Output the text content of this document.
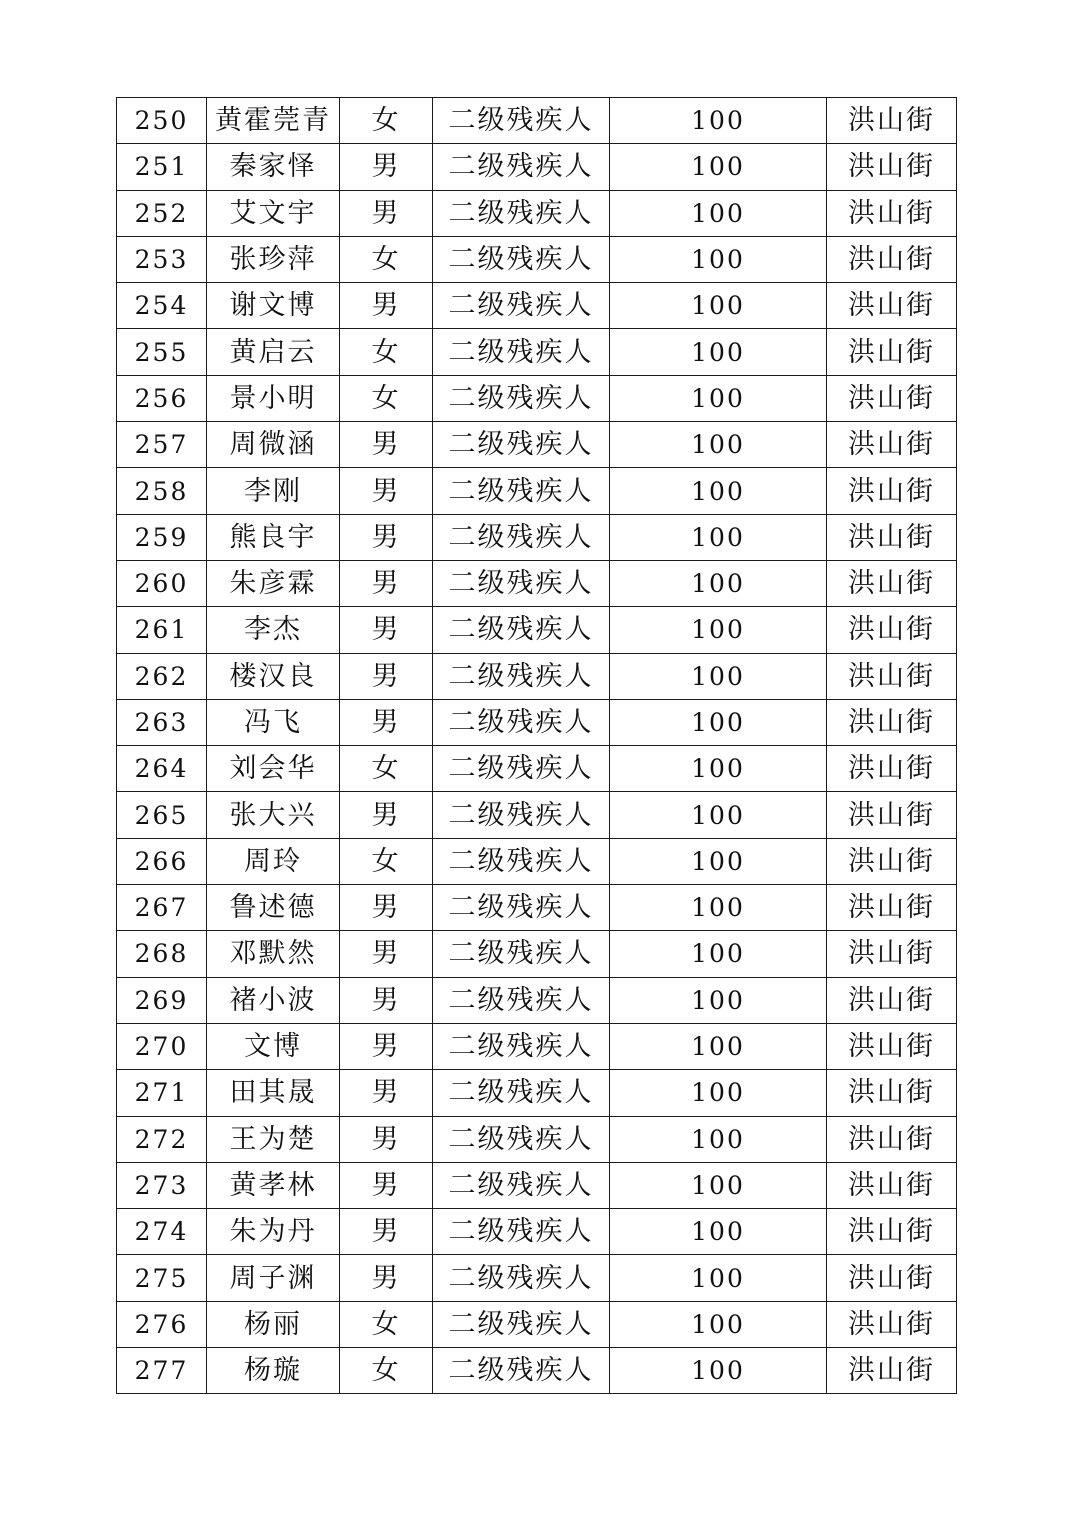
250	黄霍莞青	女	二级残疾人	100	洪山街
251	秦家怿	男	二级残疾人	100	洪山街
252	艾文宇	男	二级残疾人	100	洪山街
253	张珍萍	女	二级残疾人	100	洪山街
254	谢文博	男	二级残疾人	100	洪山街
255	黄启云	女	二级残疾人	100	洪山街
256	景小明	女	二级残疾人	100	洪山街
257	周微涵	男	二级残疾人	100	洪山街
258	李刚	男	二级残疾人	100	洪山街
259	熊良宇	男	二级残疾人	100	洪山街
260	朱彦霖	男	二级残疾人	100	洪山街
261	李杰	男	二级残疾人	100	洪山街
262	楼汉良	男	二级残疾人	100	洪山街
263	冯飞	男	二级残疾人	100	洪山街
264	刘会华	女	二级残疾人	100	洪山街
265	张大兴	男	二级残疾人	100	洪山街
266	周玲	女	二级残疾人	100	洪山街
267	鲁述德	男	二级残疾人	100	洪山街
268	邓默然	男	二级残疾人	100	洪山街
269	褚小波	男	二级残疾人	100	洪山街
270	文博	男	二级残疾人	100	洪山街
271	田其晟	男	二级残疾人	100	洪山街
272	王为楚	男	二级残疾人	100	洪山街
273	黄孝林	男	二级残疾人	100	洪山街
274	朱为丹	男	二级残疾人	100	洪山街
275	周子渊	男	二级残疾人	100	洪山街
276	杨丽	女	二级残疾人	100	洪山街
277	杨璇	女	二级残疾人	100	洪山街
